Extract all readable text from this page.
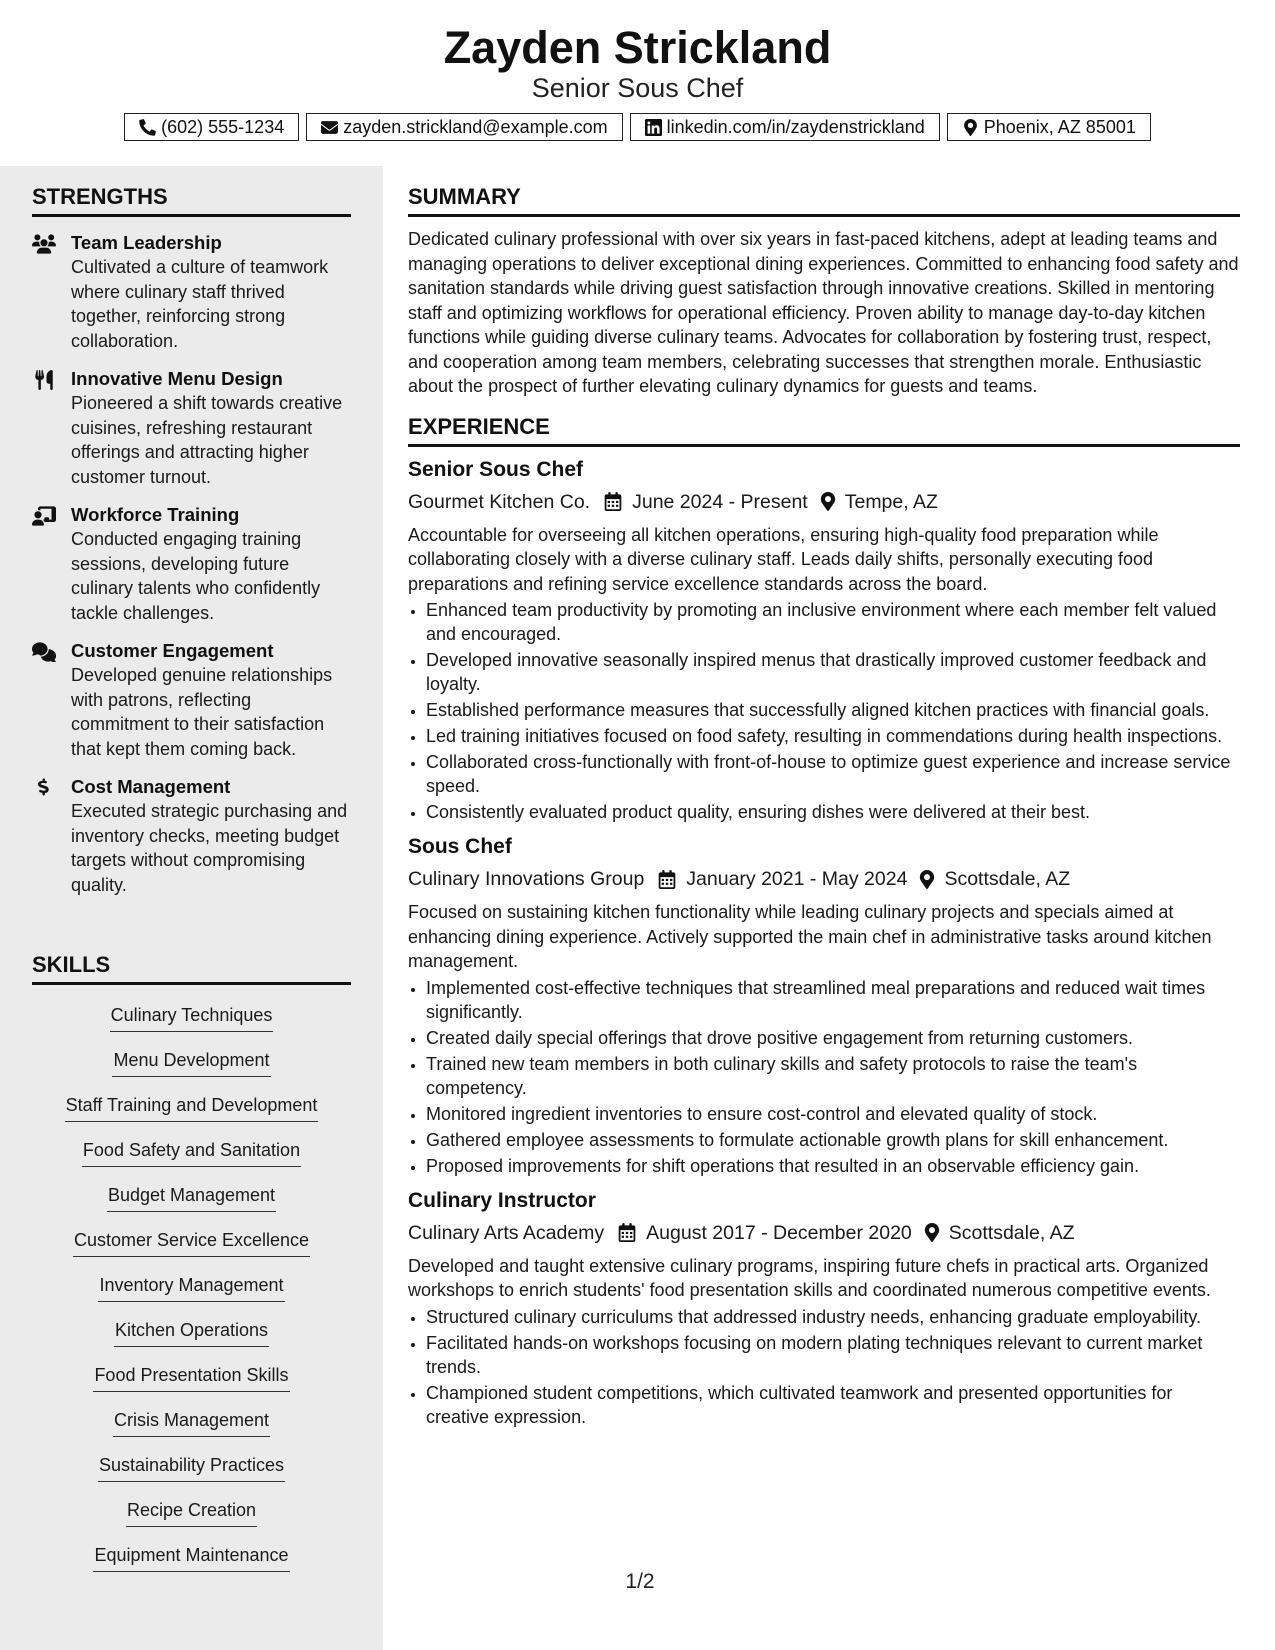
Zayden Strickland
Senior Sous Chef
(602) 555-1234	zayden.strickland@example.com	linkedin.com/in/zaydenstrickland	Phoenix, AZ 85001
STRENGTHS
Team Leadership
Cultivated a culture of teamwork where culinary staff thrived together, reinforcing strong collaboration.
Innovative Menu Design
Pioneered a shift towards creative cuisines, refreshing restaurant offerings and attracting higher customer turnout.
Workforce Training
Conducted engaging training sessions, developing future culinary talents who confidently tackle challenges.
Customer Engagement
Developed genuine relationships with patrons, reflecting commitment to their satisfaction that kept them coming back.
Cost Management
Executed strategic purchasing and inventory checks, meeting budget targets without compromising quality.
SKILLS
Culinary Techniques
Menu Development
Staff Training and Development
Food Safety and Sanitation
Budget Management
Customer Service Excellence
Inventory Management
Kitchen Operations
Food Presentation Skills
Crisis Management
Sustainability Practices
Recipe Creation
Equipment Maintenance
SUMMARY

Dedicated culinary professional with over six years in fast-paced kitchens, adept at leading teams and managing operations to deliver exceptional dining experiences. Committed to enhancing food safety and sanitation standards while driving guest satisfaction through innovative creations. Skilled in mentoring staff and optimizing workflows for operational efficiency. Proven ability to manage day-to-day kitchen functions while guiding diverse culinary teams. Advocates for collaboration by fostering trust, respect, and cooperation among team members, celebrating successes that strengthen morale. Enthusiastic about the prospect of further elevating culinary dynamics for guests and teams.

EXPERIENCE
Senior Sous Chef
Gourmet Kitchen Co. June 2024 - Present Tempe, AZ

Accountable for overseeing all kitchen operations, ensuring high-quality food preparation while collaborating closely with a diverse culinary staff. Leads daily shifts, personally executing food preparations and refining service excellence standards across the board.

• Enhanced team productivity by promoting an inclusive environment where each member felt valued and encouraged.
• Developed innovative seasonally inspired menus that drastically improved customer feedback and loyalty.
• Established performance measures that successfully aligned kitchen practices with financial goals.
• Led training initiatives focused on food safety, resulting in commendations during health inspections.
• Collaborated cross-functionally with front-of-house to optimize guest experience and increase service speed.
• Consistently evaluated product quality, ensuring dishes were delivered at their best.
Sous Chef
Culinary Innovations Group January 2021 - May 2024 Scottsdale, AZ

Focused on sustaining kitchen functionality while leading culinary projects and specials aimed at enhancing dining experience. Actively supported the main chef in administrative tasks around kitchen management.

• Implemented cost-effective techniques that streamlined meal preparations and reduced wait times significantly.
• Created daily special offerings that drove positive engagement from returning customers.
• Trained new team members in both culinary skills and safety protocols to raise the team's competency.
• Monitored ingredient inventories to ensure cost-control and elevated quality of stock.
• Gathered employee assessments to formulate actionable growth plans for skill enhancement.
• Proposed improvements for shift operations that resulted in an observable efficiency gain.
Culinary Instructor
Culinary Arts Academy August 2017 - December 2020 Scottsdale, AZ

Developed and taught extensive culinary programs, inspiring future chefs in practical arts. Organized workshops to enrich students' food presentation skills and coordinated numerous competitive events.

• Structured culinary curriculums that addressed industry needs, enhancing graduate employability.
• Facilitated hands-on workshops focusing on modern plating techniques relevant to current market trends.
• Championed student competitions, which cultivated teamwork and presented opportunities for creative expression.
1/2
